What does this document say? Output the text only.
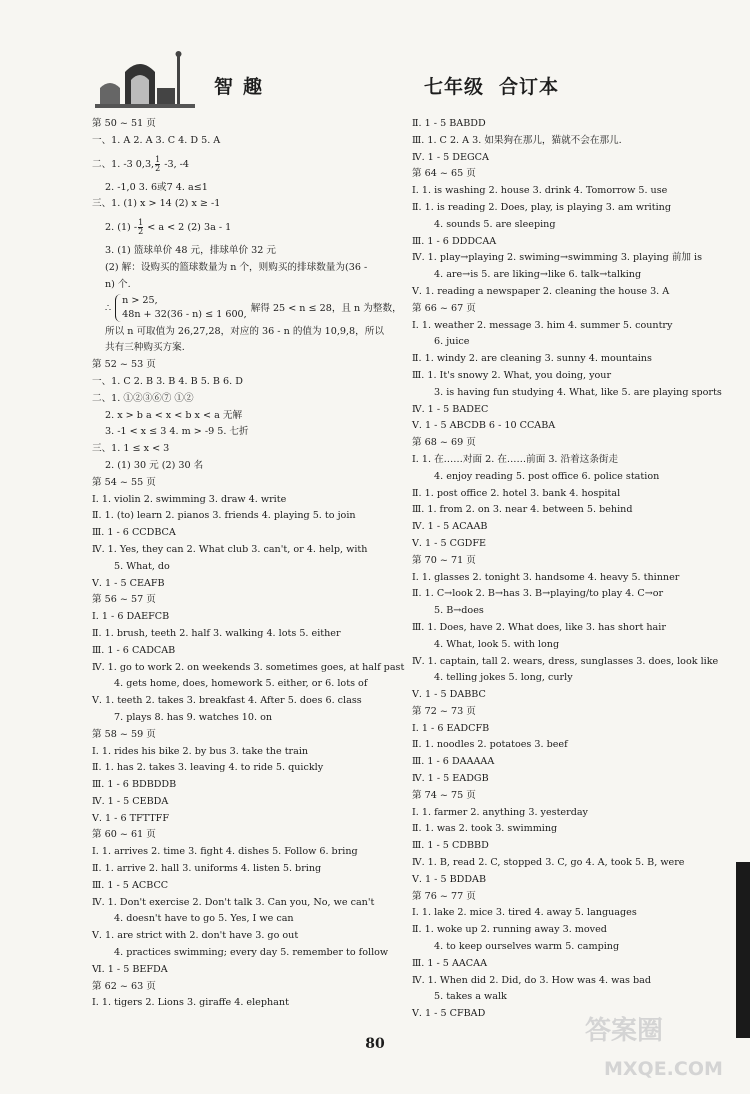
智 趣	七年级 合订本
第 50 ~ 51 页
一、1. A 2. A 3. C 4. D 5. A
二、1. -3 0,3, $\frac{1}{2} -3$, -4
2. -1,0 3. 6或7 4. a≤1
三、1. (1) x > 14 (2) x ≥ -1
2. $(1) - \frac{1}{2} < a < 2$ (2) 3a - 1
3. (1) 篮球单价 48 元，排球单价 32 元
(2) 解：设购买的篮球数量为 n 个，则购买的排球数量为(36 -
n) 个.
∴
n > 25,
48n + 32(36 - n) ≤ 1 600,
解得 25 < n ≤ 28，且 n 为整数，
所以 n 可取值为 26,27,28，对应的 36 - n 的值为 10,9,8，所以
共有三种购买方案.
第 52 ~ 53 页
一、1. C 2. B 3. B 4. B 5. B 6. D
二、1. ①②③⑥⑦ ①②
2. x > b a < x < b x < a 无解
3. -1 < x ≤ 3 4. m > -9 5. 七折
三、1. 1 ≤ x < 3
2. (1) 30 元 (2) 30 名
第 54 ~ 55 页
Ⅰ. 1. violin 2. swimming 3. draw 4. write
Ⅱ. 1. (to) learn 2. pianos 3. friends 4. playing 5. to join
Ⅲ. 1 - 6 CCDBCA
Ⅳ. 1. Yes, they can 2. What club 3. can't, or 4. help, with
5. What, do
Ⅴ. 1 - 5 CEAFB
第 56 ~ 57 页
Ⅰ. 1 - 6 DAEFCB
Ⅱ. 1. brush, teeth 2. half 3. walking 4. lots 5. either
Ⅲ. 1 - 6 CADCAB
Ⅳ. 1. go to work 2. on weekends 3. sometimes goes, at half past
4. gets home, does, homework 5. either, or 6. lots of
Ⅴ. 1. teeth 2. takes 3. breakfast 4. After 5. does 6. class
7. plays 8. has 9. watches 10. on
第 58 ~ 59 页
Ⅰ. 1. rides his bike 2. by bus 3. take the train
Ⅱ. 1. has 2. takes 3. leaving 4. to ride 5. quickly
Ⅲ. 1 - 6 BDBDDB
Ⅳ. 1 - 5 CEBDA
Ⅴ. 1 - 6 TFTTFF
第 60 ~ 61 页
Ⅰ. 1. arrives 2. time 3. fight 4. dishes 5. Follow 6. bring
Ⅱ. 1. arrive 2. hall 3. uniforms 4. listen 5. bring
Ⅲ. 1 - 5 ACBCC
Ⅳ. 1. Don't exercise 2. Don't talk 3. Can you, No, we can't
4. doesn't have to go 5. Yes, I we can
Ⅴ. 1. are strict with 2. don't have 3. go out
4. practices swimming; every day 5. remember to follow
Ⅵ. 1 - 5 BEFDA
第 62 ~ 63 页
Ⅰ. 1. tigers 2. Lions 3. giraffe 4. elephant
Ⅱ. 1 - 5 BABDD
Ⅲ. 1. C 2. A 3. 如果狗在那儿，猫就不会在那儿.
Ⅳ. 1 - 5 DEGCA
第 64 ~ 65 页
Ⅰ. 1. is washing 2. house 3. drink 4. Tomorrow 5. use
Ⅱ. 1. is reading 2. Does, play, is playing 3. am writing
4. sounds 5. are sleeping
Ⅲ. 1 - 6 DDDCAA
Ⅳ. 1. play→playing 2. swiming→swimming 3. playing 前加 is
4. are→is 5. are liking→like 6. talk→talking
Ⅴ. 1. reading a newspaper 2. cleaning the house 3. A
第 66 ~ 67 页
Ⅰ. 1. weather 2. message 3. him 4. summer 5. country
6. juice
Ⅱ. 1. windy 2. are cleaning 3. sunny 4. mountains
Ⅲ. 1. It's snowy 2. What, you doing, your
3. is having fun studying 4. What, like 5. are playing sports
Ⅳ. 1 - 5 BADEC
Ⅴ. 1 - 5 ABCDB 6 - 10 CCABA
第 68 ~ 69 页
Ⅰ. 1. 在……对面 2. 在……前面 3. 沿着这条街走
4. enjoy reading 5. post office 6. police station
Ⅱ. 1. post office 2. hotel 3. bank 4. hospital
Ⅲ. 1. from 2. on 3. near 4. between 5. behind
Ⅳ. 1 - 5 ACAAB
Ⅴ. 1 - 5 CGDFE
第 70 ~ 71 页
Ⅰ. 1. glasses 2. tonight 3. handsome 4. heavy 5. thinner
Ⅱ. 1. C→look 2. B→has 3. B→playing/to play 4. C→or
5. B→does
Ⅲ. 1. Does, have 2. What does, like 3. has short hair
4. What, look 5. with long
Ⅳ. 1. captain, tall 2. wears, dress, sunglasses 3. does, look like
4. telling jokes 5. long, curly
Ⅴ. 1 - 5 DABBC
第 72 ~ 73 页
Ⅰ. 1 - 6 EADCFB
Ⅱ. 1. noodles 2. potatoes 3. beef
Ⅲ. 1 - 6 DAAAAA
Ⅳ. 1 - 5 EADGB
第 74 ~ 75 页
Ⅰ. 1. farmer 2. anything 3. yesterday
Ⅱ. 1. was 2. took 3. swimming
Ⅲ. 1 - 5 CDBBD
Ⅳ. 1. B, read 2. C, stopped 3. C, go 4. A, took 5. B, were
Ⅴ. 1 - 5 BDDAB
第 76 ~ 77 页
Ⅰ. 1. lake 2. mice 3. tired 4. away 5. languages
Ⅱ. 1. woke up 2. running away 3. moved
4. to keep ourselves warm 5. camping
Ⅲ. 1 - 5 AACAA
Ⅳ. 1. When did 2. Did, do 3. How was 4. was bad
5. takes a walk
Ⅴ. 1 - 5 CFBAD
80	答案圈
MXQE.COM
